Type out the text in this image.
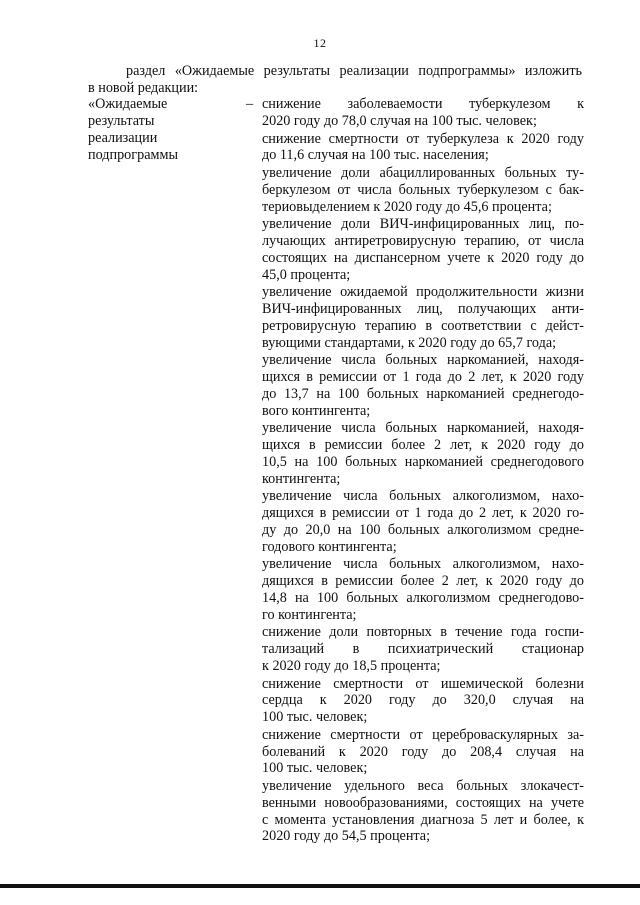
12
раздел «Ожидаемые результаты реализации подпрограммы» изложить
в новой редакции:
«Ожидаемые
результаты
реализации
подпрограммы
– снижение заболеваемости туберкулезом к
2020 году до 78,0 случая на 100 тыс. человек;
снижение смертности от туберкулеза к 2020 году
до 11,6 случая на 100 тыс. населения;
увеличение доли абациллированных больных ту-
беркулезом от числа больных туберкулезом с бак-
териовыделением к 2020 году до 45,6 процента;
увеличение доли ВИЧ-инфицированных лиц, по-
лучающих антиретровирусную терапию, от числа
состоящих на диспансерном учете к 2020 году до
45,0 процента;
увеличение ожидаемой продолжительности жизни
ВИЧ-инфицированных лиц, получающих анти-
ретровирусную терапию в соответствии с дейст-
вующими стандартами, к 2020 году до 65,7 года;
увеличение числа больных наркоманией, находя-
щихся в ремиссии от 1 года до 2 лет, к 2020 году
до 13,7 на 100 больных наркоманией среднегодо-
вого контингента;
увеличение числа больных наркоманией, находя-
щихся в ремиссии более 2 лет, к 2020 году до
10,5 на 100 больных наркоманией среднегодового
контингента;
увеличение числа больных алкоголизмом, нахо-
дящихся в ремиссии от 1 года до 2 лет, к 2020 го-
ду до 20,0 на 100 больных алкоголизмом средне-
годового контингента;
увеличение числа больных алкоголизмом, нахо-
дящихся в ремиссии более 2 лет, к 2020 году до
14,8 на 100 больных алкоголизмом среднегодово-
го контингента;
снижение доли повторных в течение года госпи-
тализаций в психиатрический стационар
к 2020 году до 18,5 процента;
снижение смертности от ишемической болезни
сердца к 2020 году до 320,0 случая на
100 тыс. человек;
снижение смертности от цереброваскулярных за-
болеваний к 2020 году до 208,4 случая на
100 тыс. человек;
увеличение удельного веса больных злокачест-
венными новообразованиями, состоящих на учете
с момента установления диагноза 5 лет и более, к
2020 году до 54,5 процента;
